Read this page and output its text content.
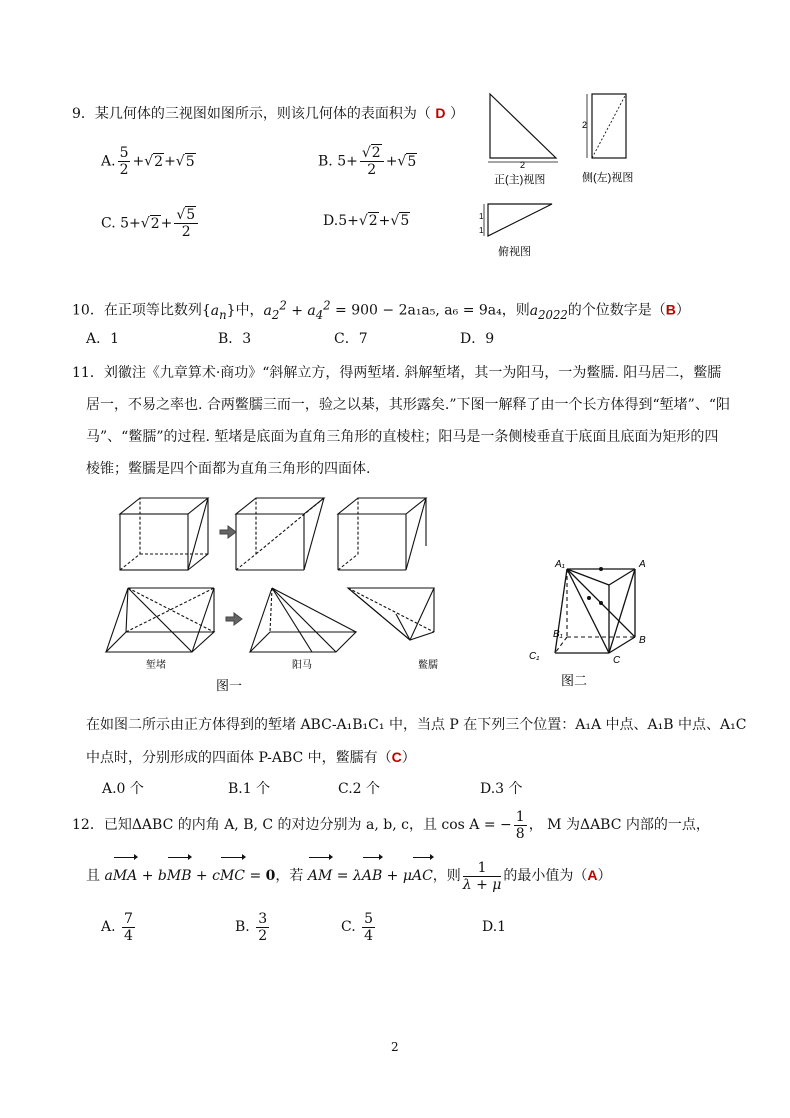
9．某几何体的三视图如图所示，则该几何体的表面积为（ D ）
A. $\frac{5}{2} +√2+√5$	B. $5+ \frac{√2}{2} +√5$
C. $5+√2+ \frac{√5}{2}$	D.5+√2+√5
2
正(主)视图
2
侧(左)视图
1
1
俯视图
10．在正项等比数列$\{a_n\}$中，$a_2^2 + a_4^2 = 900 - 2a_1a_5$, a₆ = 9a₄，则$a_{2022}$的个位数字是（B）
A．1	B．3	C．7	D．9
11．刘徽注《九章算术·商功》“斜解立方，得两堑堵. 斜解堑堵，其一为阳马，一为鳖臑. 阳马居二，鳖臑
居一，不易之率也. 合两鳖臑三而一，验之以棊，其形露矣.”下图一解释了由一个长方体得到“堑堵”、“阳
马”、“鳖臑”的过程. 堑堵是底面为直角三角形的直棱柱；阳马是一条侧棱垂直于底面且底面为矩形的四
棱锥；鳖臑是四个面都为直角三角形的四面体.
堑堵	阳马	鳖臑
图一
A₁	A
B₁
B
C₁	C
图二
在如图二所示由正方体得到的堑堵 ABC-A₁B₁C₁ 中，当点 P 在下列三个位置：A₁A 中点、A₁B 中点、A₁C
中点时，分别形成的四面体 P-ABC 中，鳖臑有（C）
A.0 个	B.1 个	C.2 个	D.3 个
12．已知ΔABC 的内角 A, B, C 的对边分别为 a, b, c，且 cos A = − $\frac{1}{8}$ ， M 为ΔABC 内部的一点，
且 aMA + bMB + cMC = 0，若 AM = λAB + μAC，则 $\frac{1}{\lambda + \mu}$ 的最小值为（A）
A. $\frac{7}{4}$	B. $\frac{3}{2}$	C. $\frac{5}{4}$	D.1
2
